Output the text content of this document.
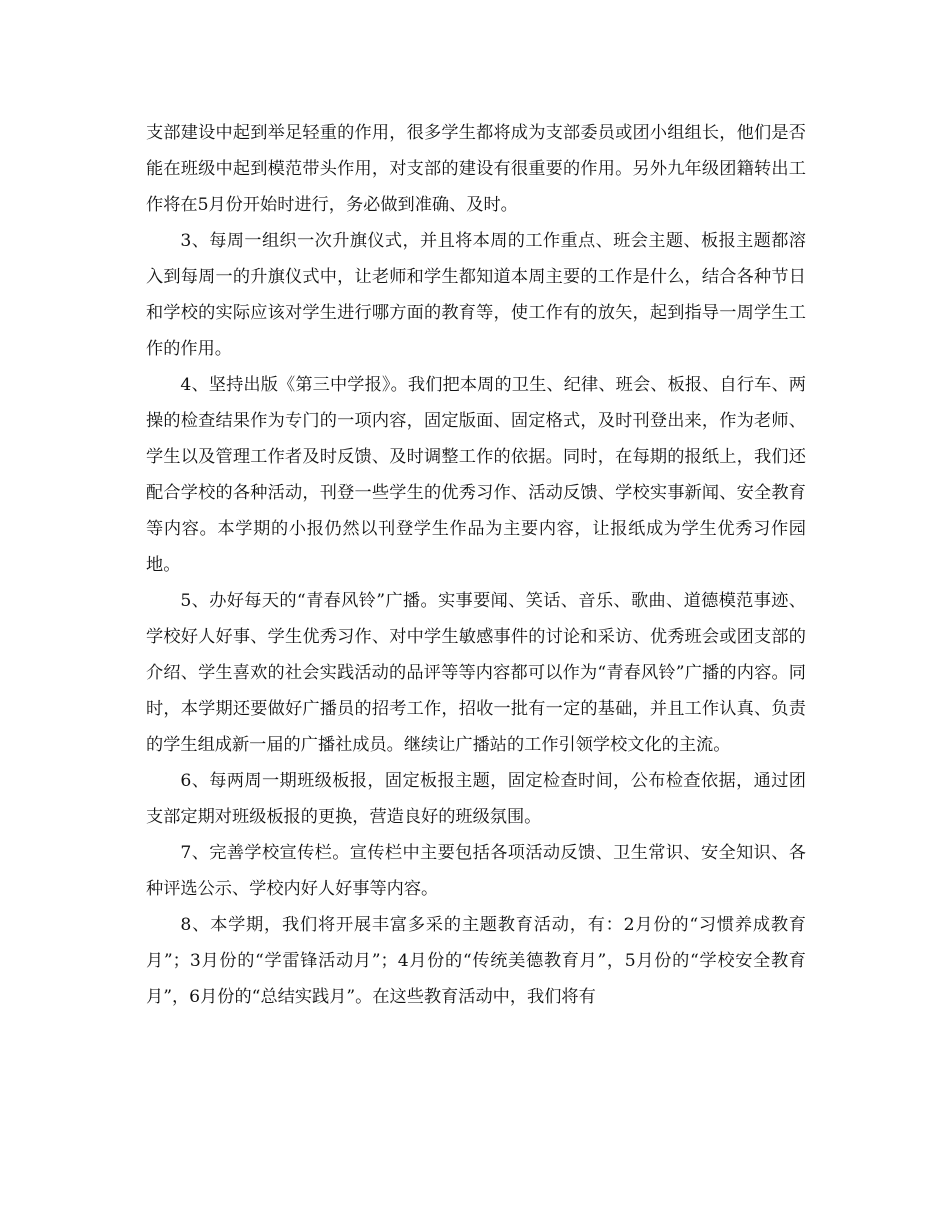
支部建设中起到举足轻重的作用，很多学生都将成为支部委员或团小组组长，他们是否能在班级中起到模范带头作用，对支部的建设有很重要的作用。另外九年级团籍转出工作将在5月份开始时进行，务必做到准确、及时。

3、每周一组织一次升旗仪式，并且将本周的工作重点、班会主题、板报主题都溶入到每周一的升旗仪式中，让老师和学生都知道本周主要的工作是什么，结合各种节日和学校的实际应该对学生进行哪方面的教育等，使工作有的放矢，起到指导一周学生工作的作用。

4、坚持出版《第三中学报》。我们把本周的卫生、纪律、班会、板报、自行车、两操的检查结果作为专门的一项内容，固定版面、固定格式，及时刊登出来，作为老师、学生以及管理工作者及时反馈、及时调整工作的依据。同时，在每期的报纸上，我们还配合学校的各种活动，刊登一些学生的优秀习作、活动反馈、学校实事新闻、安全教育等内容。本学期的小报仍然以刊登学生作品为主要内容，让报纸成为学生优秀习作园地。

5、办好每天的“青春风铃”广播。实事要闻、笑话、音乐、歌曲、道德模范事迹、学校好人好事、学生优秀习作、对中学生敏感事件的讨论和采访、优秀班会或团支部的介绍、学生喜欢的社会实践活动的品评等等内容都可以作为“青春风铃”广播的内容。同时，本学期还要做好广播员的招考工作，招收一批有一定的基础，并且工作认真、负责的学生组成新一届的广播社成员。继续让广播站的工作引领学校文化的主流。

6、每两周一期班级板报，固定板报主题，固定检查时间，公布检查依据，通过团支部定期对班级板报的更换，营造良好的班级氛围。

7、完善学校宣传栏。宣传栏中主要包括各项活动反馈、卫生常识、安全知识、各种评选公示、学校内好人好事等内容。

8、本学期，我们将开展丰富多采的主题教育活动，有：2月份的“习惯养成教育月”；3月份的“学雷锋活动月”；4月份的“传统美德教育月”，5月份的“学校安全教育月”，6月份的“总结实践月”。在这些教育活动中，我们将有
